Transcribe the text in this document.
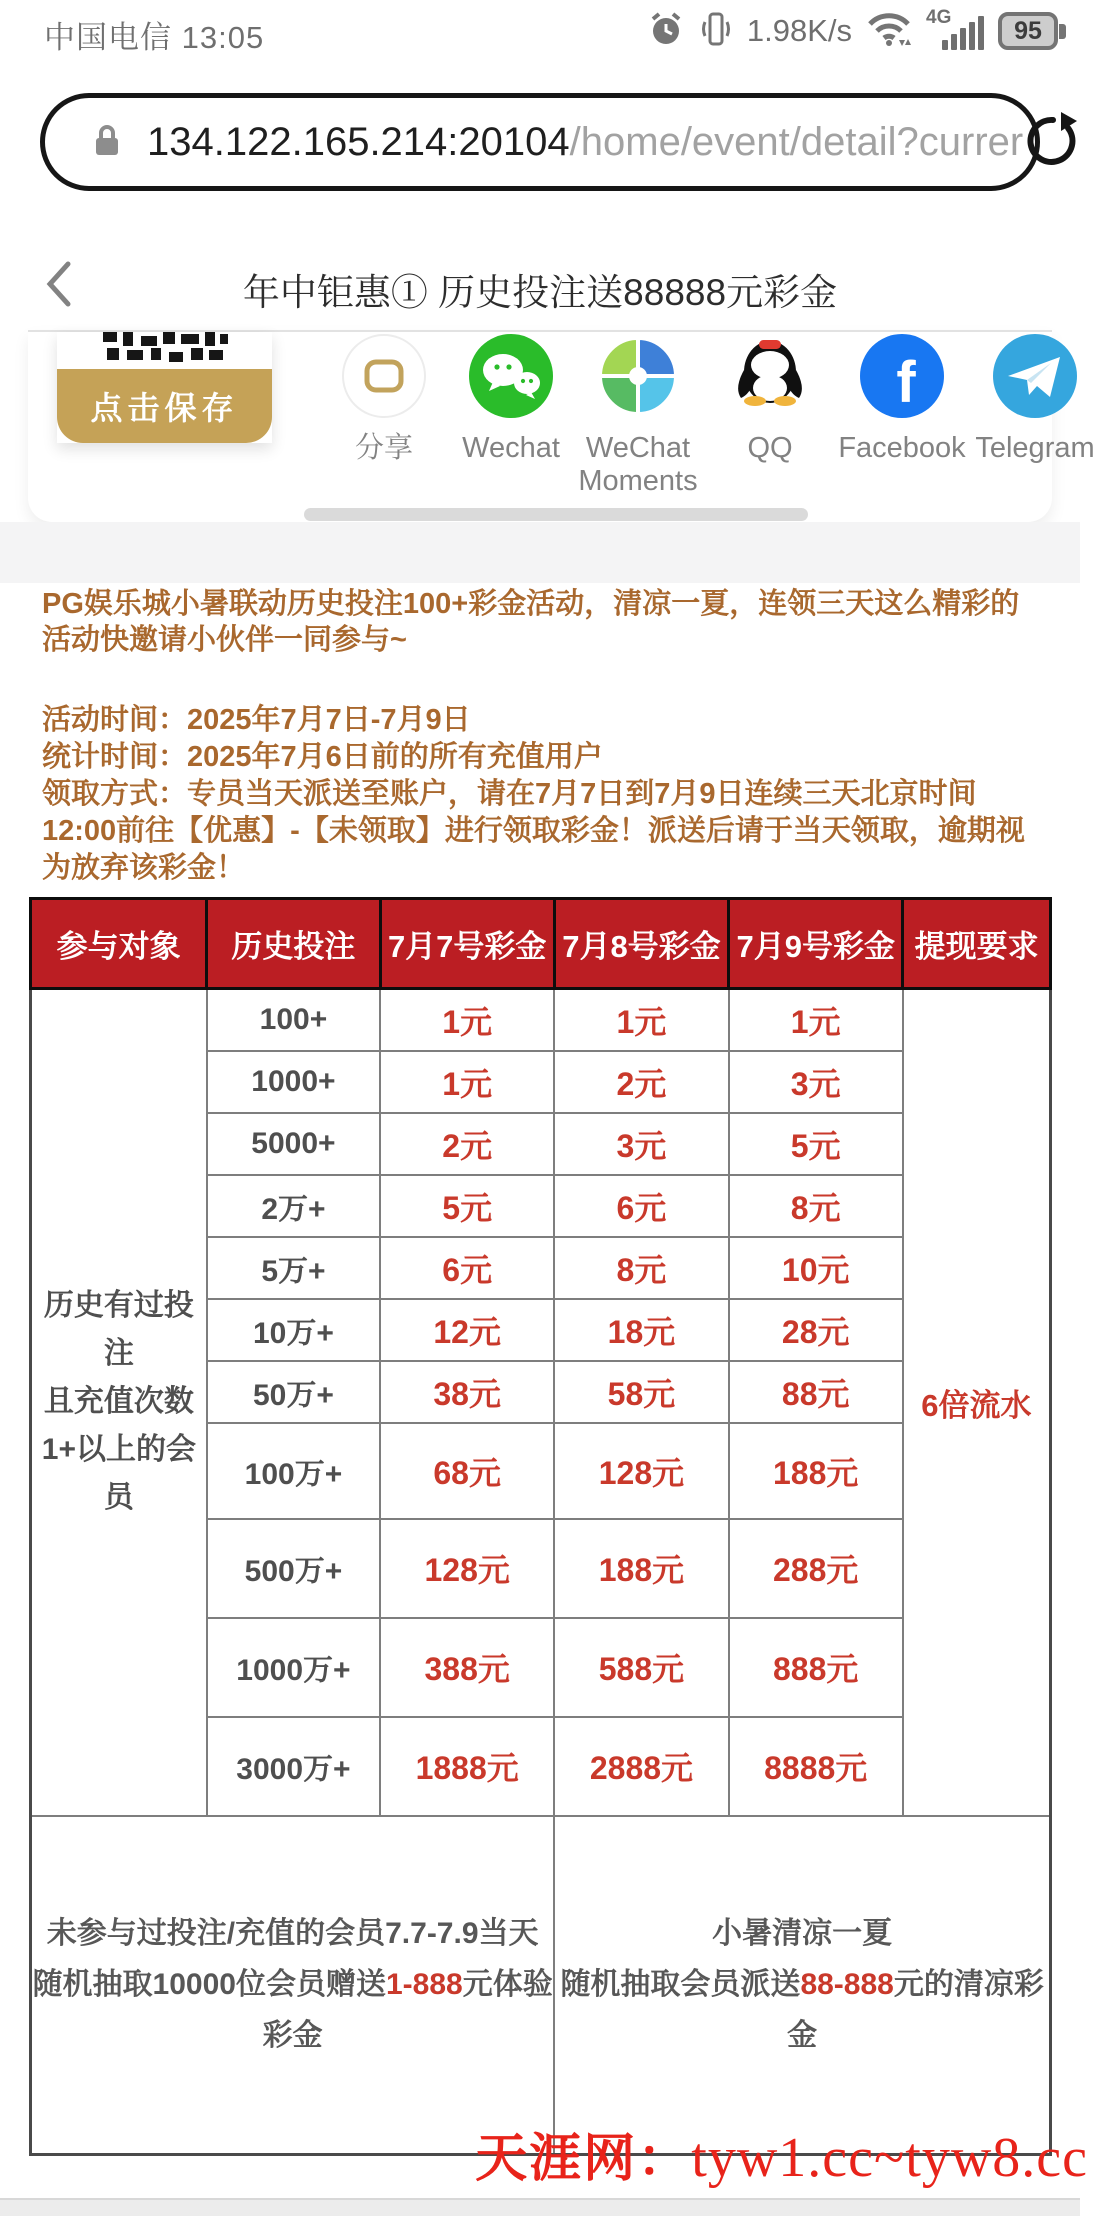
中国电信 13:05	1.98K/s	4G	95
134.122.165.214:20104/home/event/detail?currer
年中钜惠① 历史投注送88888元彩金
点击保存
分享	Wechat WeChat Moments
QQ
f
Facebook Telegram
PG娱乐城小暑联动历史投注100+彩金活动，清凉一夏，连领三天这么精彩的活动快邀请小伙伴一同参与~
活动时间：2025年7月7日-7月9日
统计时间：2025年7月6日前的所有充值用户
领取方式：专员当天派送至账户，请在7月7日到7月9日连续三天北京时间12:00前往【优惠】-【未领取】进行领取彩金！派送后请于当天领取，逾期视为放弃该彩金！
参与对象	历史投注	7月7号彩金	7月8号彩金	7月9号彩金	提现要求
历史有过投注
且充值次数
1+以上的会员	100+	1元	1元	1元	6倍流水
	1000+	1元	2元	3元	
	5000+	2元	3元	5元	
	2万+	5元	6元	8元	
	5万+	6元	8元	10元	
	10万+	12元	18元	28元	
	50万+	38元	58元	88元	
	100万+	68元	128元	188元	
	500万+	128元	188元	288元	
	1000万+	388元	588元	888元	
	3000万+	1888元	2888元	8888元	
未参与过投注/充值的会员7.7-7.9当天随机抽取10000位会员赠送1-888元体验彩金			小暑清凉一夏
随机抽取会员派送88-888元的清凉彩金		
天涯网： tyw1.cc~tyw8.cc
